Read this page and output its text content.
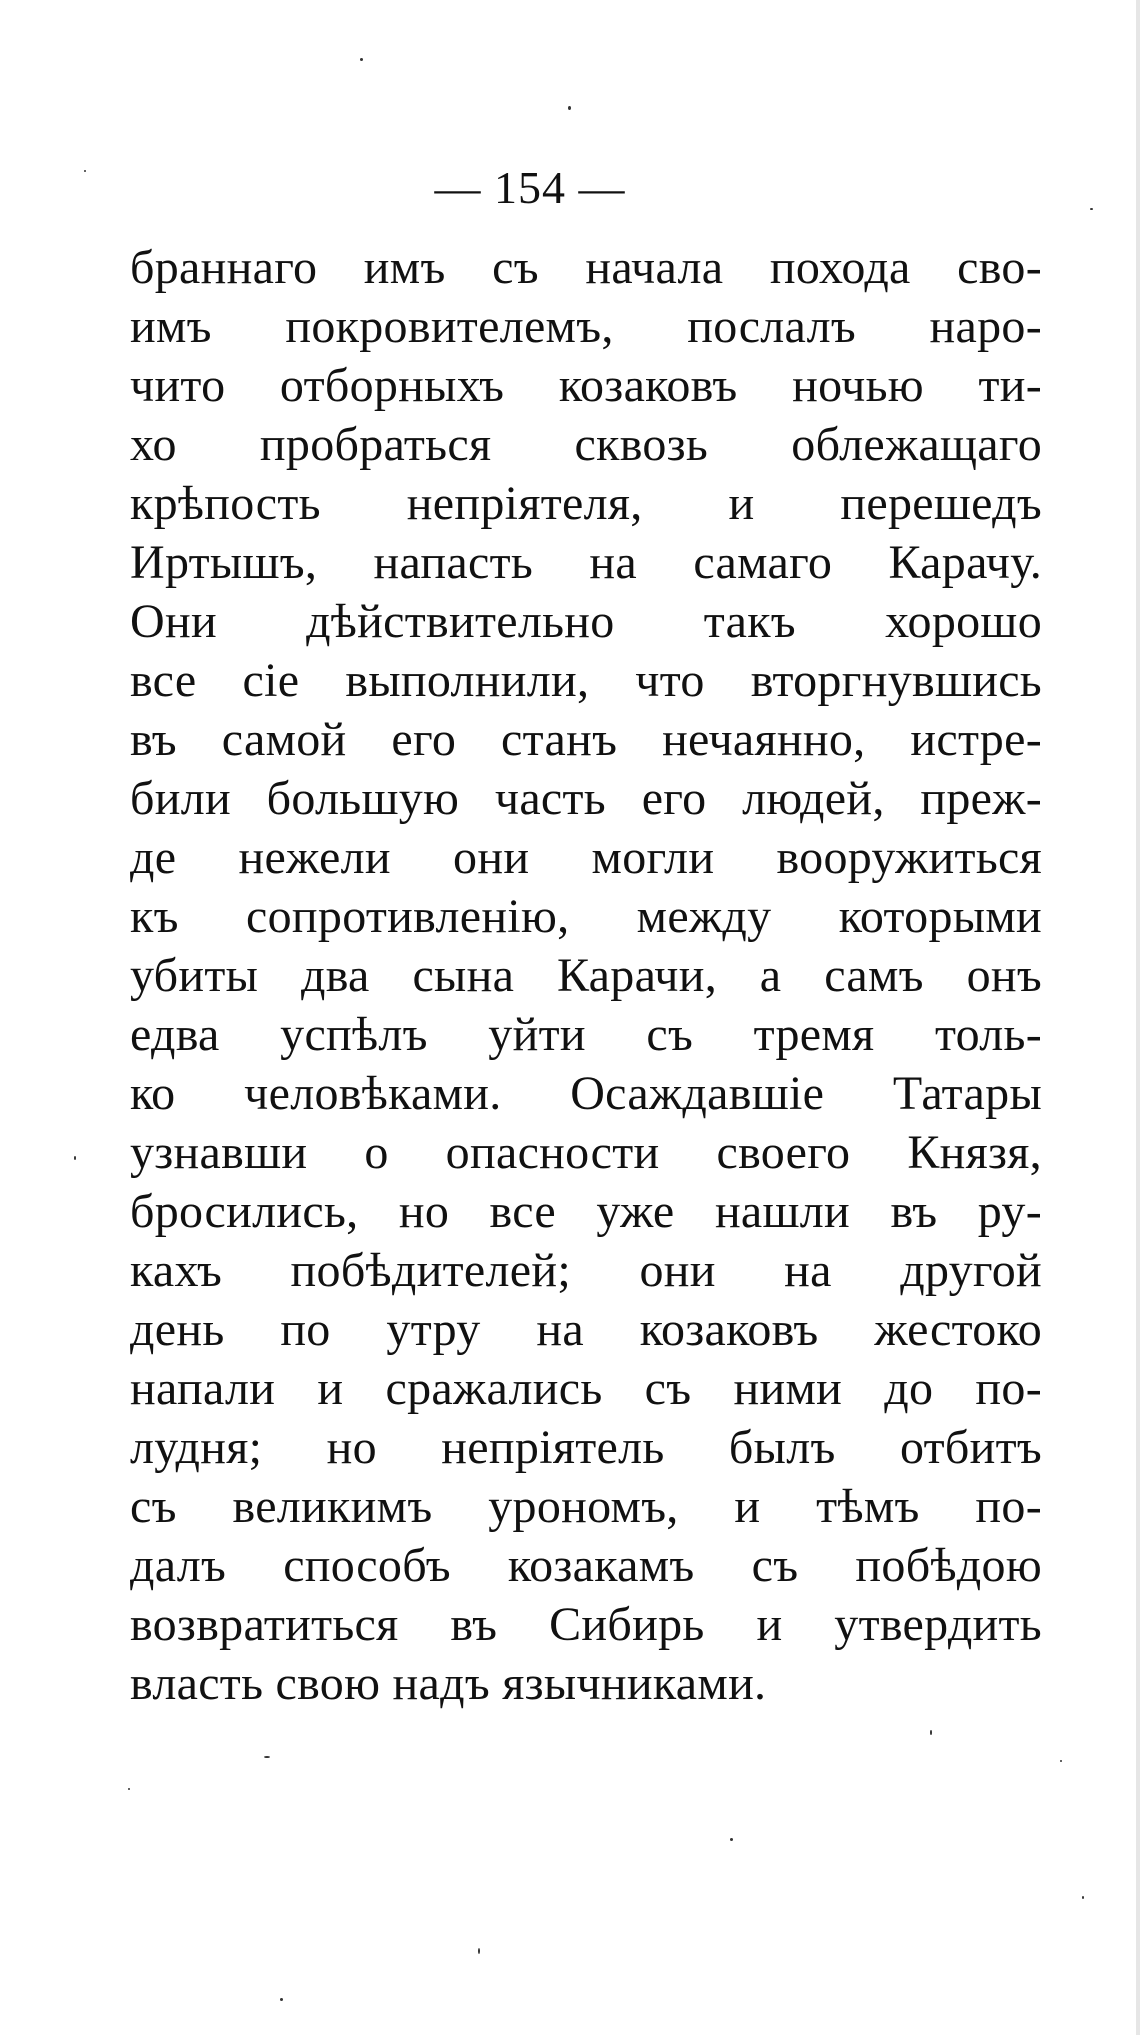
— 154 —
браннаго имъ съ начала похода сво-
имъ покровителемъ, послалъ наро-
чито отборныхъ козаковъ ночью ти-
хо пробраться сквозь облежащаго
крѣпость непрiятеля, и перешедъ
Иртышъ, напасть на самаго Карачу.
Они дѣйствительно такъ хорошо
все сiе выполнили, что вторгнувшись
въ самой его станъ нечаянно, истре-
били большую часть его людей, преж-
де нежели они могли вооружиться
къ сопротивленiю, между которыми
убиты два сына Карачи, а самъ онъ
едва успѣлъ уйти съ тремя толь-
ко человѣками. Осаждавшiе Татары
узнавши о опасности своего Князя,
бросились, но все уже нашли въ ру-
кахъ побѣдителей; они на другой
день по утру на козаковъ жестоко
напали и сражались съ ними до по-
лудня; но непрiятель былъ отбитъ
съ великимъ урономъ, и тѣмъ по-
далъ способъ козакамъ съ побѣдою
возвратиться въ Сибирь и утвердить
власть свою надъ язычниками.
